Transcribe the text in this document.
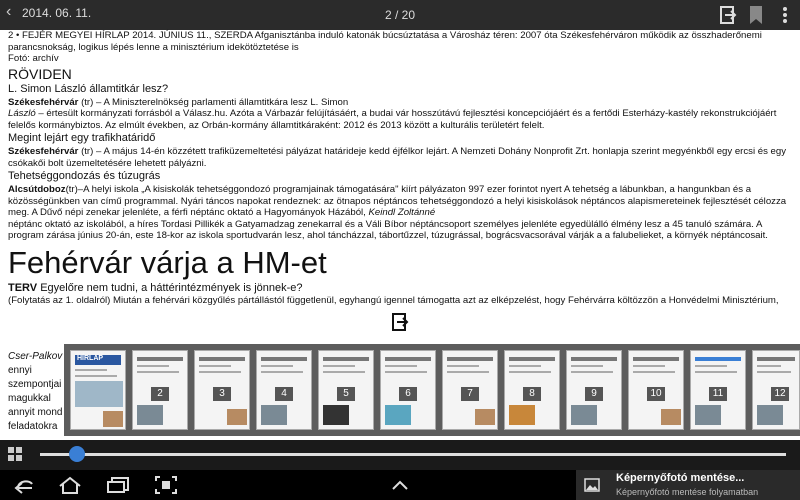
‹ 2014. 06. 11.	2 / 20

2 • FEJÉR MEGYEI HÍRLAP 2014. JÚNIUS 11., SZERDA Afganisztánba induló katonák búcsúztatása a Városház téren: 2007 óta Székesfehérváron működik az összhaderőnemi parancsnokság, logikus lépés lenne a minisztérium idekötöztetése is

Fotó: archív

RÖVIDEN
L. Simon László államtitkár lesz?

Székesfehérvár (tr) – A Miniszterelnökség parlamenti államtitkára lesz L. Simon

László – értesült kormányzati forrásból a Válasz.hu. Azóta a Várbazár felújításáért, a budai vár hosszútávú fejlesztési koncepciójáért és a fertődi Esterházy-kastély rekonstrukciójáért felelős kormánybiztos. Az elmúlt években, az Orbán-kormány államtitkáraként: 2012 és 2013 között a kulturális területért felelt.

Megint lejárt egy trafikhatáridő

Székesfehérvár (tr) – A május 14-én közzétett trafiküzemeltetési pályázat határideje kedd éjfélkor lejárt. A Nemzeti Dohány Nonprofit Zrt. honlapja szerint megyénkből egy ercsi és egy csókakői bolt üzemeltetésére lehetett pályázni.

Tehetséggondozás és túzugrás

Alcsútdoboz(tr)–A helyi iskola „A kisiskolák tehetséggondozó programjainak támogatására" kiírt pályázaton 997 ezer forintot nyert A tehetség a lábunkban, a hangunkban és a közösségünkben van című programmal. Nyári táncos napokat rendeznek: az ötnapos néptáncos tehetséggondozó a helyi kisiskolások néptáncos alapismereteinek fejlesztését célozza meg. A Dűvő népi zenekar jelenléte, a férfi néptánc oktató a Hagyományok Házából, Keindl Zoltánné

néptánc oktató az iskolából, a híres Tordasi Pillikék a Gatyamadzag zenekarral és a Váli Bíbor néptáncsoport személyes jelenléte egyedülálló élmény lesz a 45 tanuló számára. A program zárása június 20-án, este 18-kor az iskola sportudvarán lesz, ahol táncházzal, tábortűzzel, túzugrással, bográcsvacsorával várják a a falubelieket, a környék néptáncosait.

Fehérvár várja a HM-et

TERV Egyelőre nem tudni, a háttérintézmények is jönnek-e?

(Folytatás az 1. oldalról) Miután a fehérvári közgyűlés pártállástól függetlenül, egyhangú igennel támogatta azt az elképzelést, hogy Fehérvárra költözzön a Honvédelmi Minisztérium,

Cser-Palkov
ennyi
szempontjai
magukkal
annyit mond
feladatokra
HÍRLAP
2	3	4	5	6	7	8	9	10	11	12
Képernyőfotó mentése...
Képernyőfotó mentése folyamatban
